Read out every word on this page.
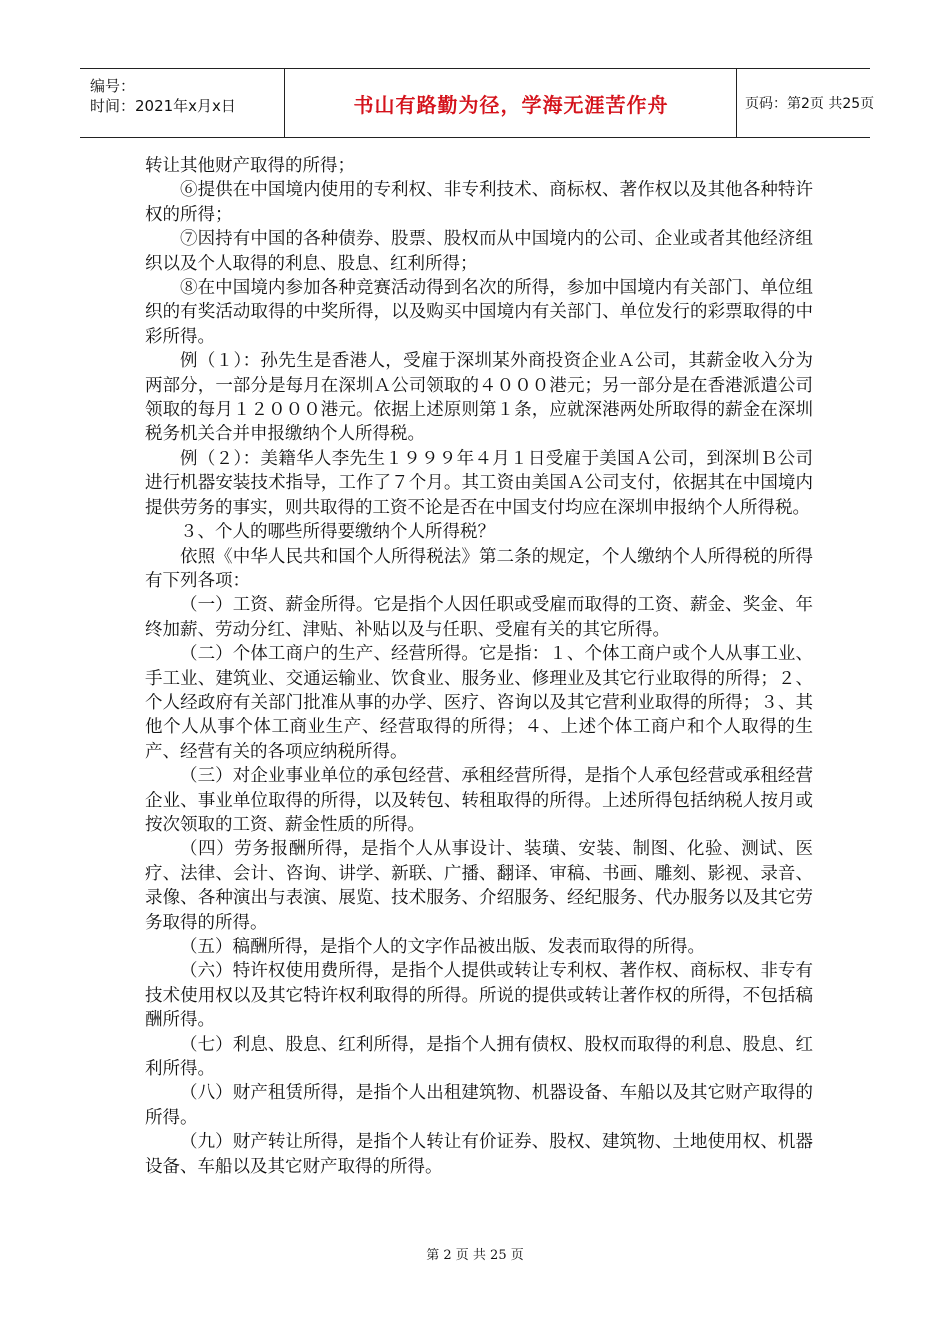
编号：
时间：2021年x月x日	书山有路勤为径，学海无涯苦作舟	页码：第2页 共25页

转让其他财产取得的所得；

⑥提供在中国境内使用的专利权、非专利技术、商标权、著作权以及其他各种特许权的所得；

⑦因持有中国的各种债券、股票、股权而从中国境内的公司、企业或者其他经济组织以及个人取得的利息、股息、红利所得；

⑧在中国境内参加各种竞赛活动得到名次的所得，参加中国境内有关部门、单位组织的有奖活动取得的中奖所得，以及购买中国境内有关部门、单位发行的彩票取得的中彩所得。

例（１）：孙先生是香港人，受雇于深圳某外商投资企业Ａ公司，其薪金收入分为两部分，一部分是每月在深圳Ａ公司领取的４０００港元；另一部分是在香港派遣公司领取的每月１２０００港元。依据上述原则第１条，应就深港两处所取得的薪金在深圳税务机关合并申报缴纳个人所得税。

例（２）：美籍华人李先生１９９９年４月１日受雇于美国Ａ公司，到深圳Ｂ公司进行机器安装技术指导，工作了７个月。其工资由美国Ａ公司支付，依据其在中国境内提供劳务的事实，则共取得的工资不论是否在中国支付均应在深圳申报纳个人所得税。

３、个人的哪些所得要缴纳个人所得税？

依照《中华人民共和国个人所得税法》第二条的规定，个人缴纳个人所得税的所得有下列各项：

（一）工资、薪金所得。它是指个人因任职或受雇而取得的工资、薪金、奖金、年终加薪、劳动分红、津贴、补贴以及与任职、受雇有关的其它所得。

（二）个体工商户的生产、经营所得。它是指：１、个体工商户或个人从事工业、手工业、建筑业、交通运输业、饮食业、服务业、修理业及其它行业取得的所得；２、个人经政府有关部门批准从事的办学、医疗、咨询以及其它营利业取得的所得；３、其他个人从事个体工商业生产、经营取得的所得；４、上述个体工商户和个人取得的生产、经营有关的各项应纳税所得。

（三）对企业事业单位的承包经营、承租经营所得，是指个人承包经营或承租经营企业、事业单位取得的所得，以及转包、转租取得的所得。上述所得包括纳税人按月或按次领取的工资、薪金性质的所得。

（四）劳务报酬所得，是指个人从事设计、装璜、安装、制图、化验、测试、医疗、法律、会计、咨询、讲学、新联、广播、翻译、审稿、书画、雕刻、影视、录音、录像、各种演出与表演、展览、技术服务、介绍服务、经纪服务、代办服务以及其它劳务取得的所得。

（五）稿酬所得，是指个人的文字作品被出版、发表而取得的所得。

（六）特许权使用费所得，是指个人提供或转让专利权、著作权、商标权、非专有技术使用权以及其它特许权利取得的所得。所说的提供或转让著作权的所得，不包括稿酬所得。

（七）利息、股息、红利所得，是指个人拥有债权、股权而取得的利息、股息、红利所得。

（八）财产租赁所得，是指个人出租建筑物、机器设备、车船以及其它财产取得的所得。

（九）财产转让所得，是指个人转让有价证券、股权、建筑物、土地使用权、机器设备、车船以及其它财产取得的所得。

第 2 页 共 25 页
